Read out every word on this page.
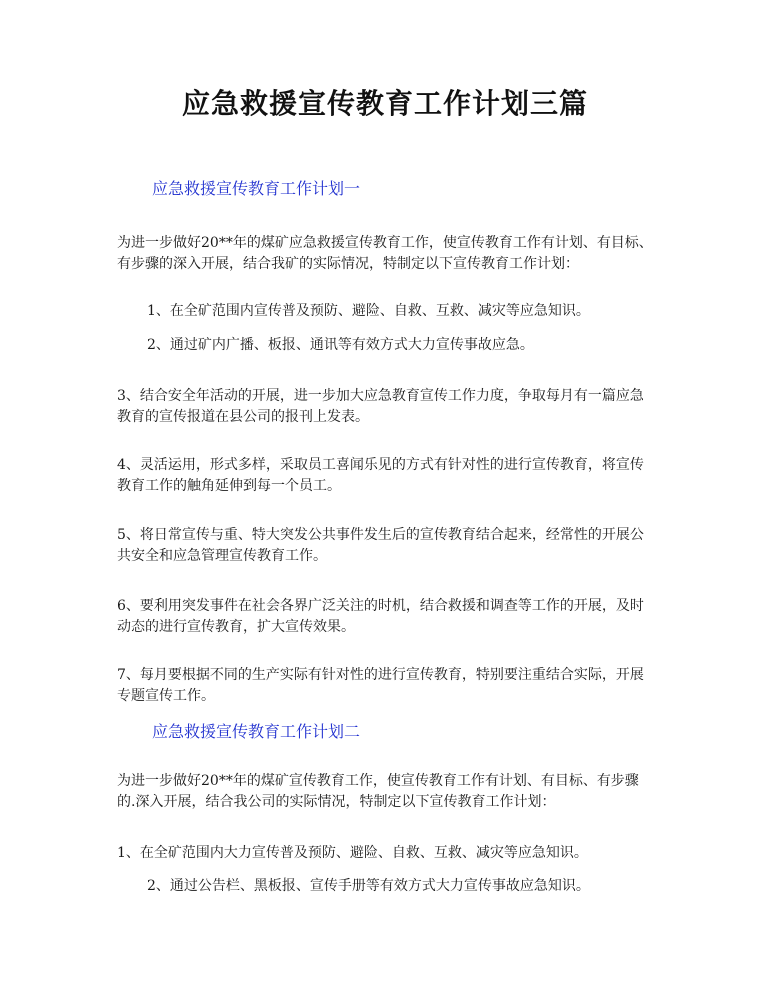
应急救援宣传教育工作计划三篇
应急救援宣传教育工作计划一
为进一步做好20**年的煤矿应急救援宣传教育工作，使宣传教育工作有计划、有目标、有步骤的深入开展，结合我矿的实际情况，特制定以下宣传教育工作计划：
1、在全矿范围内宣传普及预防、避险、自救、互救、减灾等应急知识。
2、通过矿内广播、板报、通讯等有效方式大力宣传事故应急。
3、结合安全年活动的开展，进一步加大应急教育宣传工作力度，争取每月有一篇应急教育的宣传报道在县公司的报刊上发表。
4、灵活运用，形式多样，采取员工喜闻乐见的方式有针对性的进行宣传教育，将宣传教育工作的触角延伸到每一个员工。
5、将日常宣传与重、特大突发公共事件发生后的宣传教育结合起来，经常性的开展公共安全和应急管理宣传教育工作。
6、要利用突发事件在社会各界广泛关注的时机，结合救援和调查等工作的开展，及时动态的进行宣传教育，扩大宣传效果。
7、每月要根据不同的生产实际有针对性的进行宣传教育，特别要注重结合实际，开展专题宣传工作。
应急救援宣传教育工作计划二
为进一步做好20**年的煤矿宣传教育工作，使宣传教育工作有计划、有目标、有步骤的.深入开展，结合我公司的实际情况，特制定以下宣传教育工作计划：
1、在全矿范围内大力宣传普及预防、避险、自救、互救、减灾等应急知识。
2、通过公告栏、黑板报、宣传手册等有效方式大力宣传事故应急知识。
